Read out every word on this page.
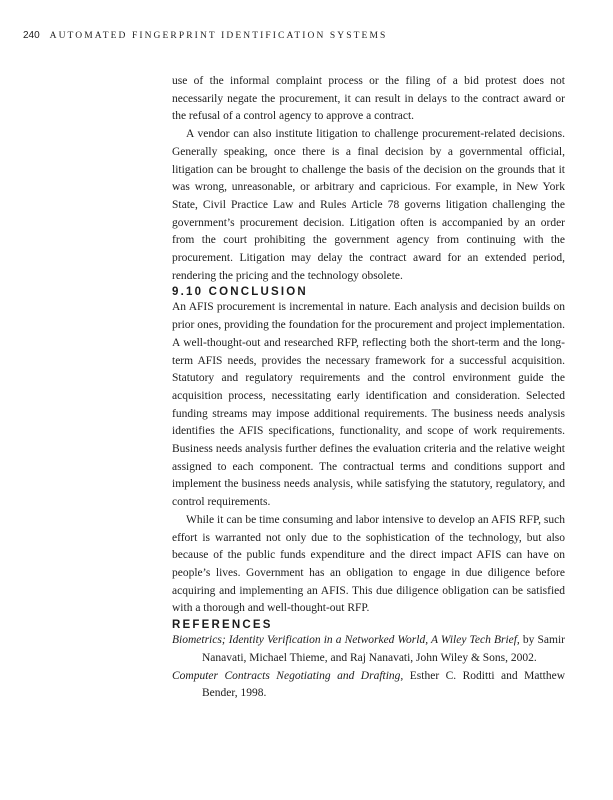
240 AUTOMATED FINGERPRINT IDENTIFICATION SYSTEMS

use of the informal complaint process or the filing of a bid protest does not necessarily negate the procurement, it can result in delays to the contract award or the refusal of a control agency to approve a contract.

A vendor can also institute litigation to challenge procurement-related decisions. Generally speaking, once there is a final decision by a governmental official, litigation can be brought to challenge the basis of the decision on the grounds that it was wrong, unreasonable, or arbitrary and capricious. For example, in New York State, Civil Practice Law and Rules Article 78 governs litigation challenging the government’s procurement decision. Litigation often is accompanied by an order from the court prohibiting the government agency from continuing with the procurement. Litigation may delay the contract award for an extended period, rendering the pricing and the technology obsolete.

9.10 CONCLUSION

An AFIS procurement is incremental in nature. Each analysis and decision builds on prior ones, providing the foundation for the procurement and project implementation. A well-thought-out and researched RFP, reflecting both the short-term and the long-term AFIS needs, provides the necessary framework for a successful acquisition. Statutory and regulatory requirements and the control environment guide the acquisition process, necessitating early identification and consideration. Selected funding streams may impose additional requirements. The business needs analysis identifies the AFIS specifications, functionality, and scope of work requirements. Business needs analysis further defines the evaluation criteria and the relative weight assigned to each component. The contractual terms and conditions support and implement the business needs analysis, while satisfying the statutory, regulatory, and control requirements.

While it can be time consuming and labor intensive to develop an AFIS RFP, such effort is warranted not only due to the sophistication of the technology, but also because of the public funds expenditure and the direct impact AFIS can have on people’s lives. Government has an obligation to engage in due diligence before acquiring and implementing an AFIS. This due diligence obligation can be satisfied with a thorough and well-thought-out RFP.

REFERENCES

Biometrics; Identity Verification in a Networked World, A Wiley Tech Brief, by Samir Nanavati, Michael Thieme, and Raj Nanavati, John Wiley & Sons, 2002.

Computer Contracts Negotiating and Drafting, Esther C. Roditti and Matthew Bender, 1998.
